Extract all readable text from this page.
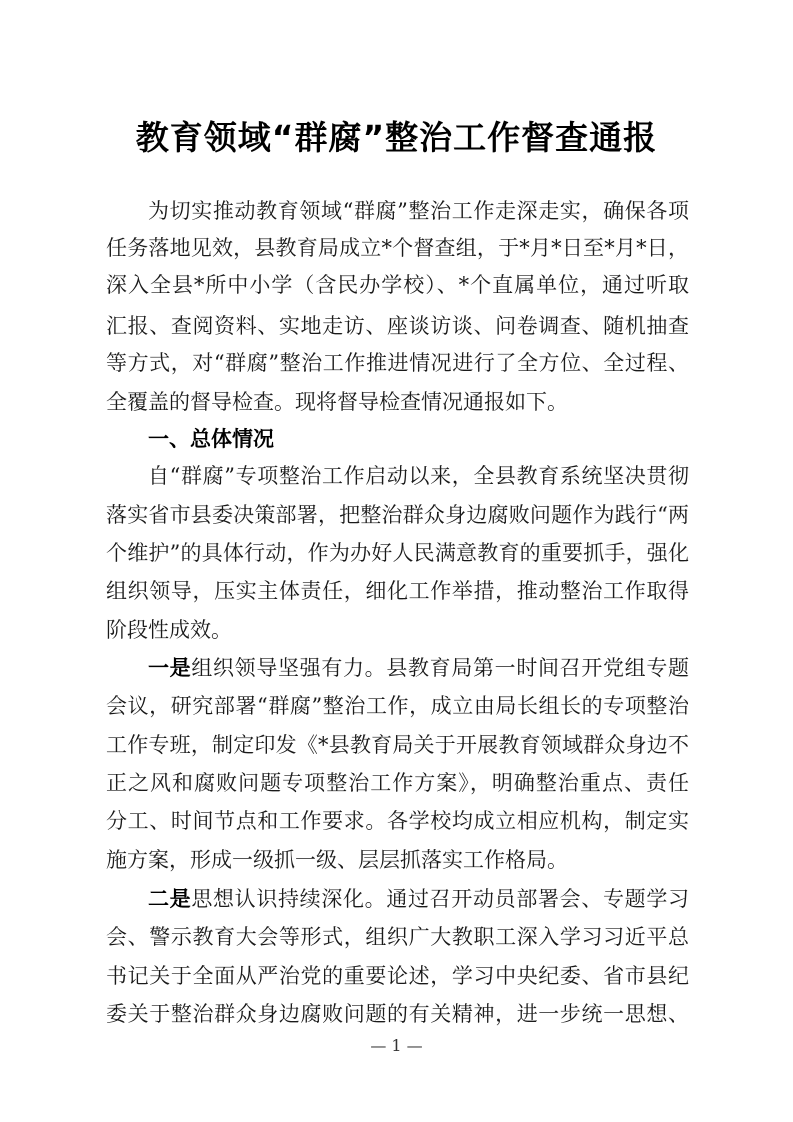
教育领域“群腐”整治工作督查通报
为切实推动教育领域“群腐”整治工作走深走实，确保各项
任务落地见效，县教育局成立*个督查组，于*月*日至*月*日，
深入全县*所中小学（含民办学校）、*个直属单位，通过听取
汇报、查阅资料、实地走访、座谈访谈、问卷调查、随机抽查
等方式，对“群腐”整治工作推进情况进行了全方位、全过程、
全覆盖的督导检查。现将督导检查情况通报如下。
一、总体情况
自“群腐”专项整治工作启动以来，全县教育系统坚决贯彻
落实省市县委决策部署，把整治群众身边腐败问题作为践行“两
个维护”的具体行动，作为办好人民满意教育的重要抓手，强化
组织领导，压实主体责任，细化工作举措，推动整治工作取得
阶段性成效。
一是组织领导坚强有力。县教育局第一时间召开党组专题
会议，研究部署“群腐”整治工作，成立由局长组长的专项整治
工作专班，制定印发《*县教育局关于开展教育领域群众身边不
正之风和腐败问题专项整治工作方案》，明确整治重点、责任
分工、时间节点和工作要求。各学校均成立相应机构，制定实
施方案，形成一级抓一级、层层抓落实工作格局。
二是思想认识持续深化。通过召开动员部署会、专题学习
会、警示教育大会等形式，组织广大教职工深入学习习近平总
书记关于全面从严治党的重要论述，学习中央纪委、省市县纪
委关于整治群众身边腐败问题的有关精神，进一步统一思想、
— 1 —
